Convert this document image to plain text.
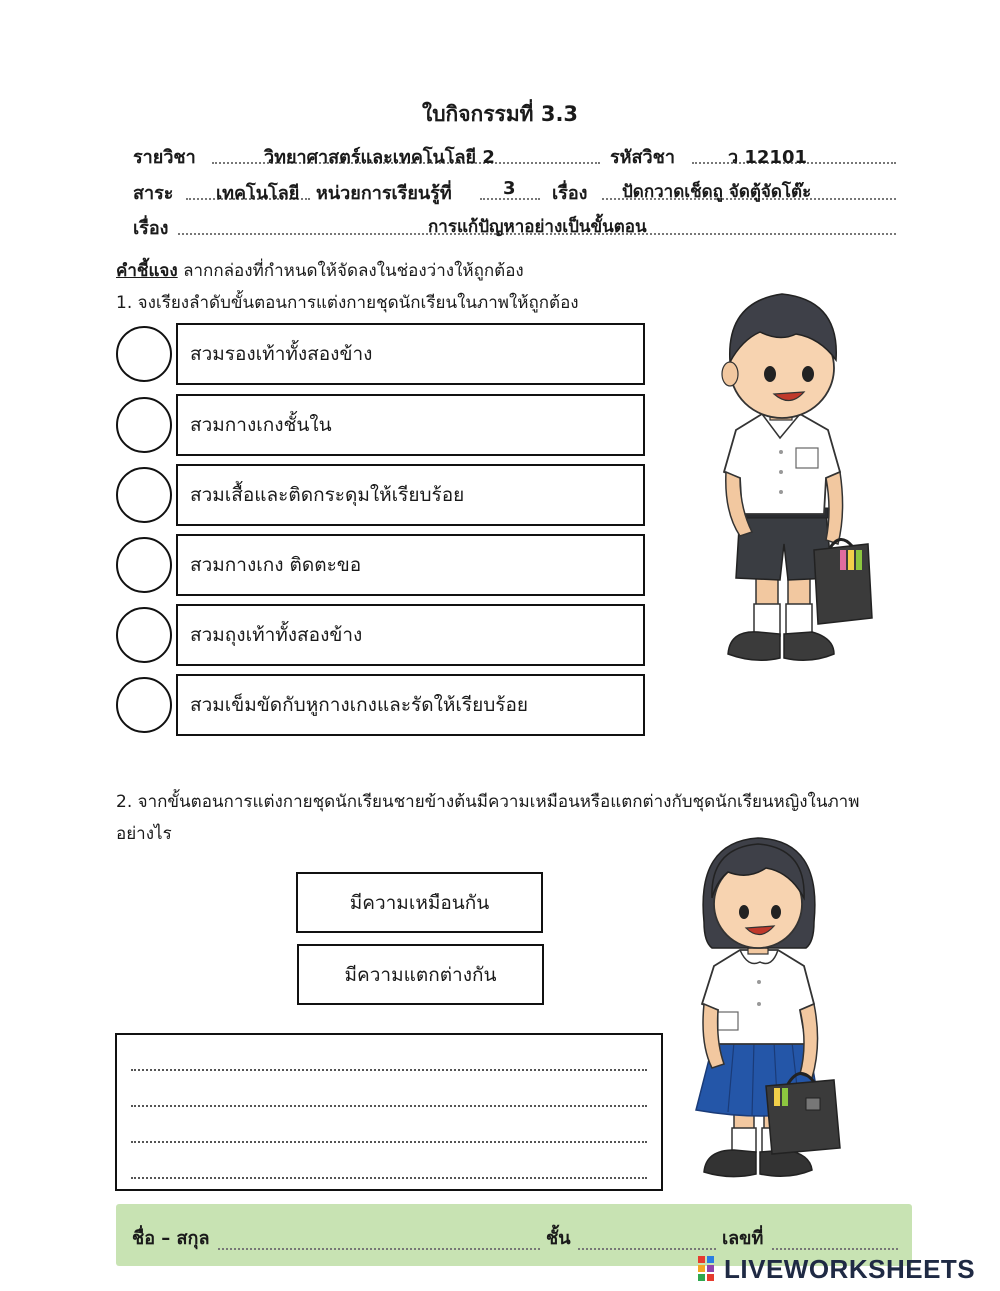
ใบกิจกรรมที่ 3.3
รายวิชา	วิทยาศาสตร์และเทคโนโลยี 2	รหัสวิชา	ว 12101
สาระ เทคโนโลยี หน่วยการเรียนรู้ที่	3 เรื่อง ปัดกวาดเช็ดถู จัดตู้จัดโต๊ะ
เรื่อง	การแก้ปัญหาอย่างเป็นขั้นตอน
คำชี้แจง ลากกล่องที่กำหนดให้จัดลงในช่องว่างให้ถูกต้อง
1. จงเรียงลำดับขั้นตอนการแต่งกายชุดนักเรียนในภาพให้ถูกต้อง
สวมรองเท้าทั้งสองข้าง
สวมกางเกงชั้นใน
สวมเสื้อและติดกระดุมให้เรียบร้อย
สวมกางเกง ติดตะขอ
สวมถุงเท้าทั้งสองข้าง
สวมเข็มขัดกับหูกางเกงและรัดให้เรียบร้อย
2. จากขั้นตอนการแต่งกายชุดนักเรียนชายข้างต้นมีความเหมือนหรือแตกต่างกับชุดนักเรียนหญิงในภาพ
อย่างไร
มีความเหมือนกัน
มีความแตกต่างกัน
ชื่อ – สกุล	ชั้น	เลขที่
LIVEWORKSHEETS
